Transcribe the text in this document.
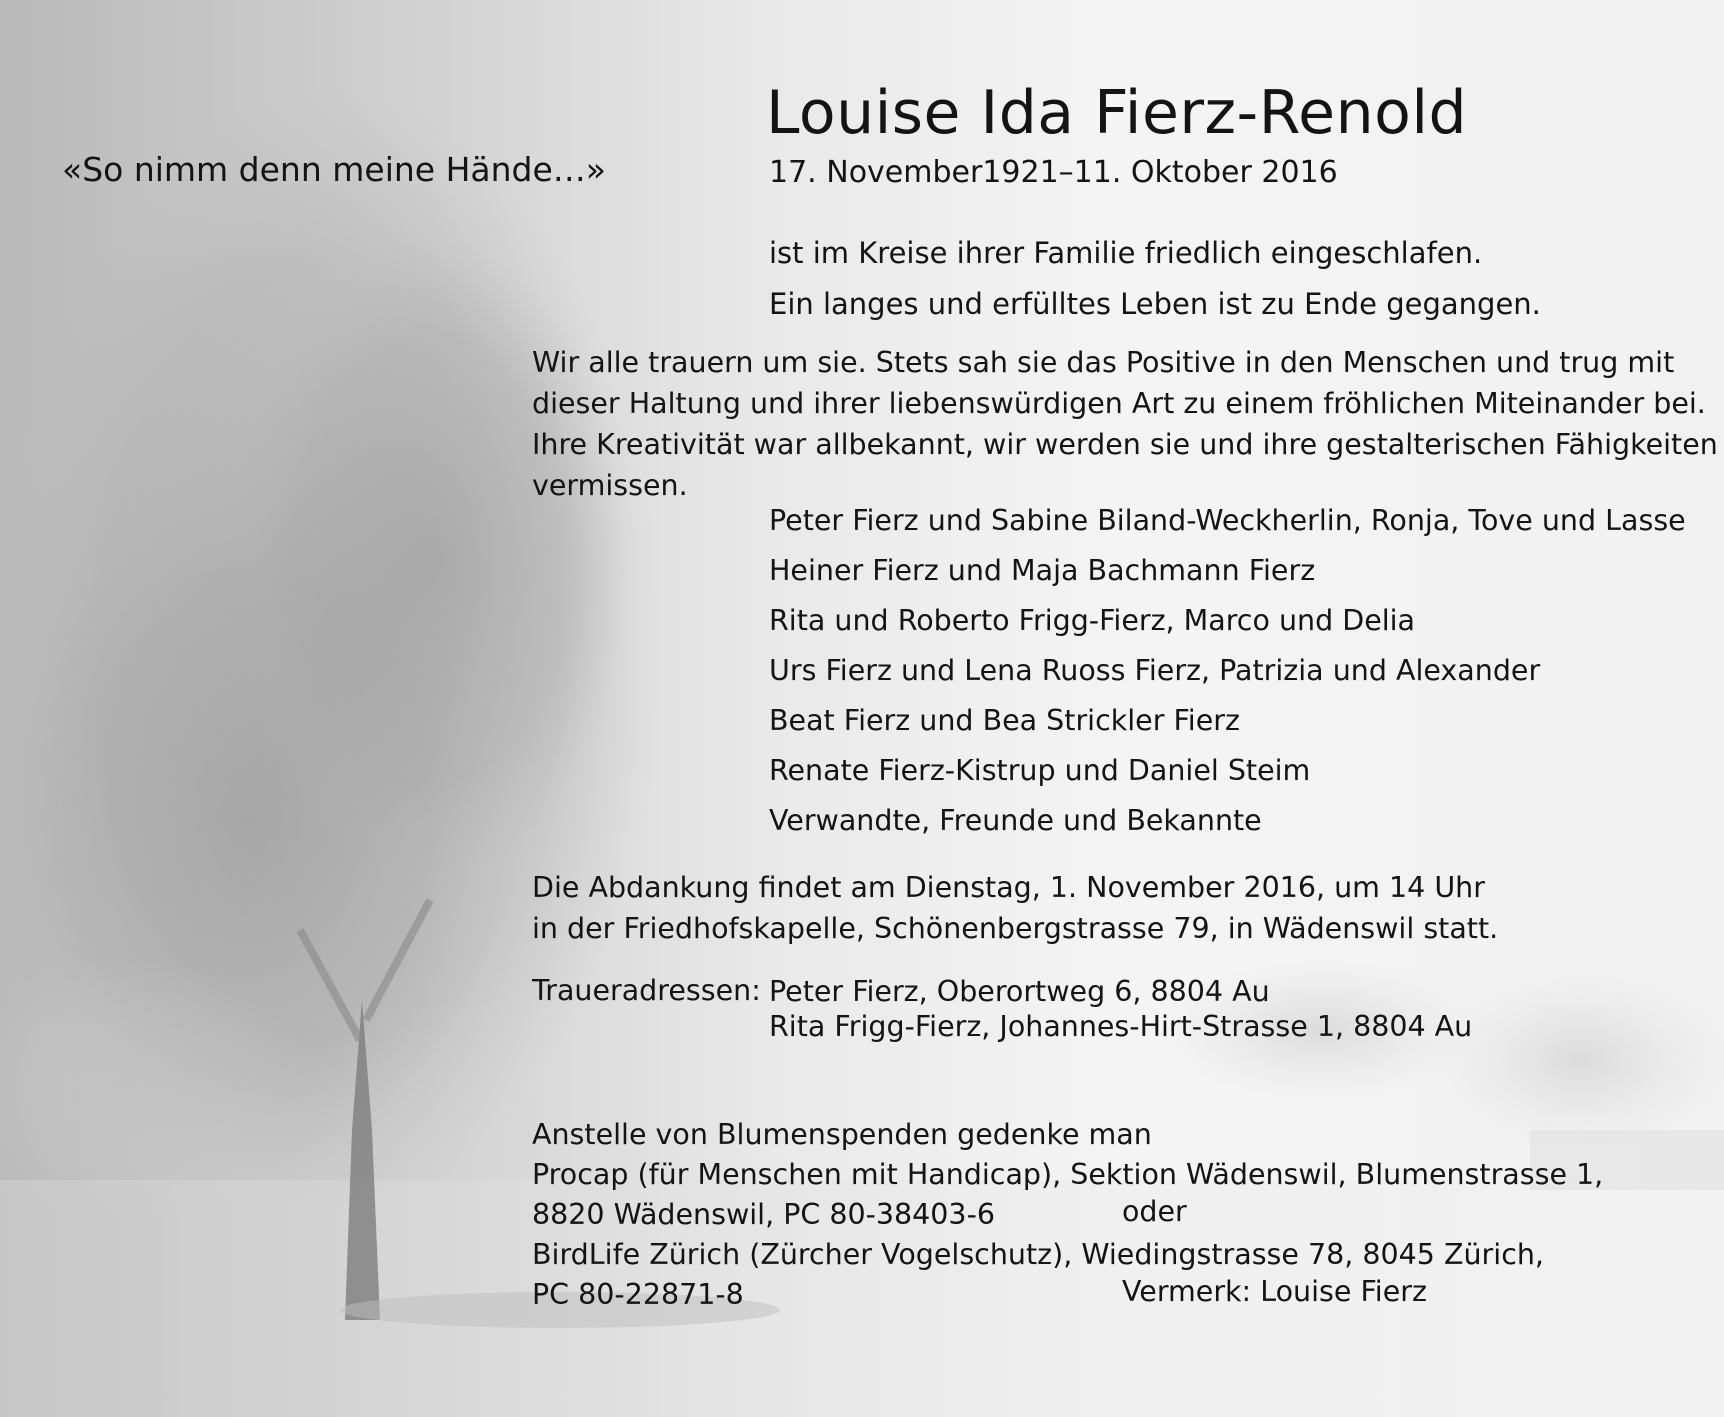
«So nimm denn meine Hände…»
Louise Ida Fierz-Renold
17. November1921–11. Oktober 2016
ist im Kreise ihrer Familie friedlich eingeschlafen.
Ein langes und erfülltes Leben ist zu Ende gegangen.
Wir alle trauern um sie. Stets sah sie das Positive in den Menschen und trug mit
dieser Haltung und ihrer liebenswürdigen Art zu einem fröhlichen Miteinander bei.
Ihre Kreativität war allbekannt, wir werden sie und ihre gestalterischen Fähigkeiten
vermissen.
Peter Fierz und Sabine Biland-Weckherlin, Ronja, Tove und Lasse
Heiner Fierz und Maja Bachmann Fierz
Rita und Roberto Frigg-Fierz, Marco und Delia
Urs Fierz und Lena Ruoss Fierz, Patrizia und Alexander
Beat Fierz und Bea Strickler Fierz
Renate Fierz-Kistrup und Daniel Steim
Verwandte, Freunde und Bekannte
Die Abdankung findet am Dienstag, 1. November 2016, um 14 Uhr
in der Friedhofskapelle, Schönenbergstrasse 79, in Wädenswil statt.
Traueradressen: Peter Fierz, Oberortweg 6, 8804 Au
Rita Frigg-Fierz, Johannes-Hirt-Strasse 1, 8804 Au
Anstelle von Blumenspenden gedenke man
Procap (für Menschen mit Handicap), Sektion Wädenswil, Blumenstrasse 1,
8820 Wädenswil, PC 80-38403-6
BirdLife Zürich (Zürcher Vogelschutz), Wiedingstrasse 78, 8045 Zürich,
PC 80-22871-8
oder
Vermerk: Louise Fierz
